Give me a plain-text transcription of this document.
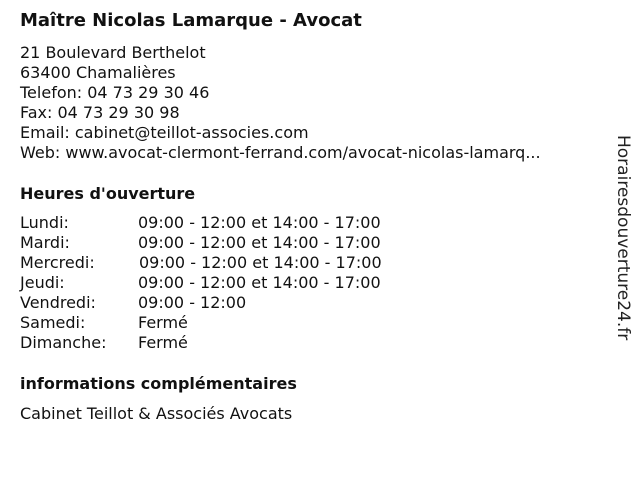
Maître Nicolas Lamarque - Avocat
21 Boulevard Berthelot
63400 Chamalières
Telefon: 04 73 29 30 46
Fax: 04 73 29 30 98
Email: cabinet@teillot-associes.com
Web: www.avocat-clermont-ferrand.com/avocat-nicolas-lamarq...
Heures d'ouverture
Lundi:	09:00 - 12:00 et 14:00 - 17:00
Mardi:	09:00 - 12:00 et 14:00 - 17:00
Mercredi:	09:00 - 12:00 et 14:00 - 17:00
Jeudi:	09:00 - 12:00 et 14:00 - 17:00
Vendredi:	09:00 - 12:00
Samedi:	Fermé
Dimanche: Fermé
informations complémentaires
Cabinet Teillot & Associés Avocats
Horairesdouverture24.fr
